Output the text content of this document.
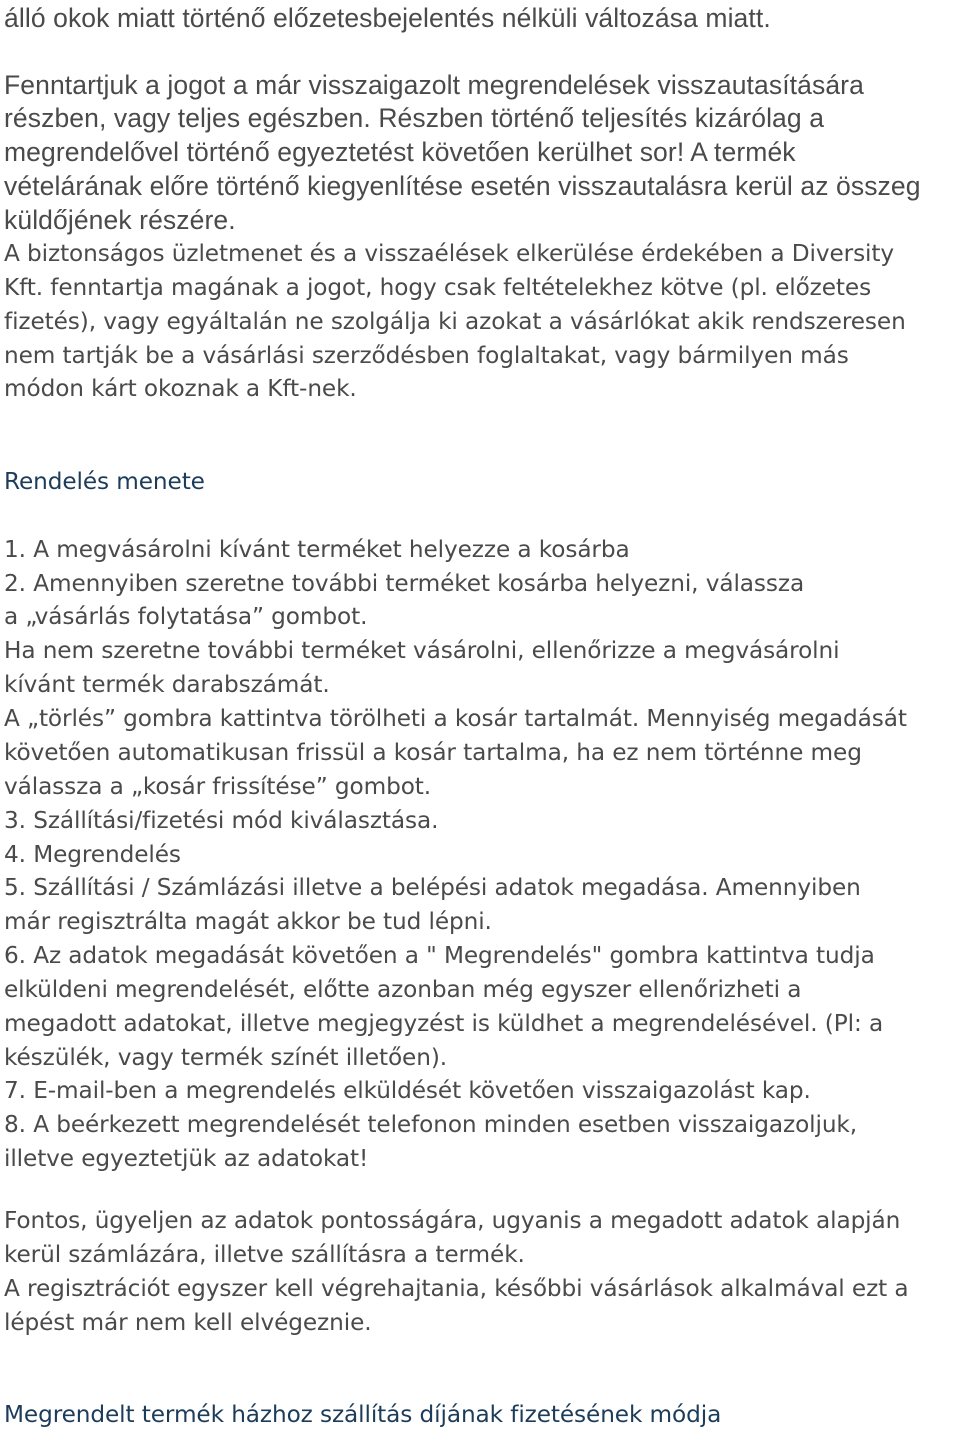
álló okok miatt történő előzetesbejelentés nélküli változása miatt.

Fenntartjuk a jogot a már visszaigazolt megrendelések visszautasítására

részben, vagy teljes egészben. Részben történő teljesítés kizárólag a

megrendelővel történő egyeztetést követően kerülhet sor! A termék

vételárának előre történő kiegyenlítése esetén visszautalásra kerül az összeg

küldőjének részére.

A biztonságos üzletmenet és a visszaélések elkerülése érdekében a Diversity

Kft. fenntartja magának a jogot, hogy csak feltételekhez kötve (pl. előzetes

fizetés), vagy egyáltalán ne szolgálja ki azokat a vásárlókat akik rendszeresen

nem tartják be a vásárlási szerződésben foglaltakat, vagy bármilyen más

módon kárt okoznak a Kft-nek.

Rendelés menete

1. A megvásárolni kívánt terméket helyezze a kosárba

2. Amennyiben szeretne további terméket kosárba helyezni, válassza

a „vásárlás folytatása” gombot.

Ha nem szeretne további terméket vásárolni, ellenőrizze a megvásárolni

kívánt termék darabszámát.

A „törlés” gombra kattintva törölheti a kosár tartalmát. Mennyiség megadását

követően automatikusan frissül a kosár tartalma, ha ez nem történne meg

válassza a „kosár frissítése” gombot.

3. Szállítási/fizetési mód kiválasztása.

4. Megrendelés

5. Szállítási / Számlázási illetve a belépési adatok megadása. Amennyiben

már regisztrálta magát akkor be tud lépni.

6. Az adatok megadását követően a " Megrendelés" gombra kattintva tudja

elküldeni megrendelését, előtte azonban még egyszer ellenőrizheti a

megadott adatokat, illetve megjegyzést is küldhet a megrendelésével. (Pl: a

készülék, vagy termék színét illetően).

7. E-mail-ben a megrendelés elküldését követően visszaigazolást kap.

8. A beérkezett megrendelését telefonon minden esetben visszaigazoljuk,

illetve egyeztetjük az adatokat!

Fontos, ügyeljen az adatok pontosságára, ugyanis a megadott adatok alapján

kerül számlázára, illetve szállításra a termék.

A regisztrációt egyszer kell végrehajtania, későbbi vásárlások alkalmával ezt a

lépést már nem kell elvégeznie.

Megrendelt termék házhoz szállítás díjának fizetésének módja
